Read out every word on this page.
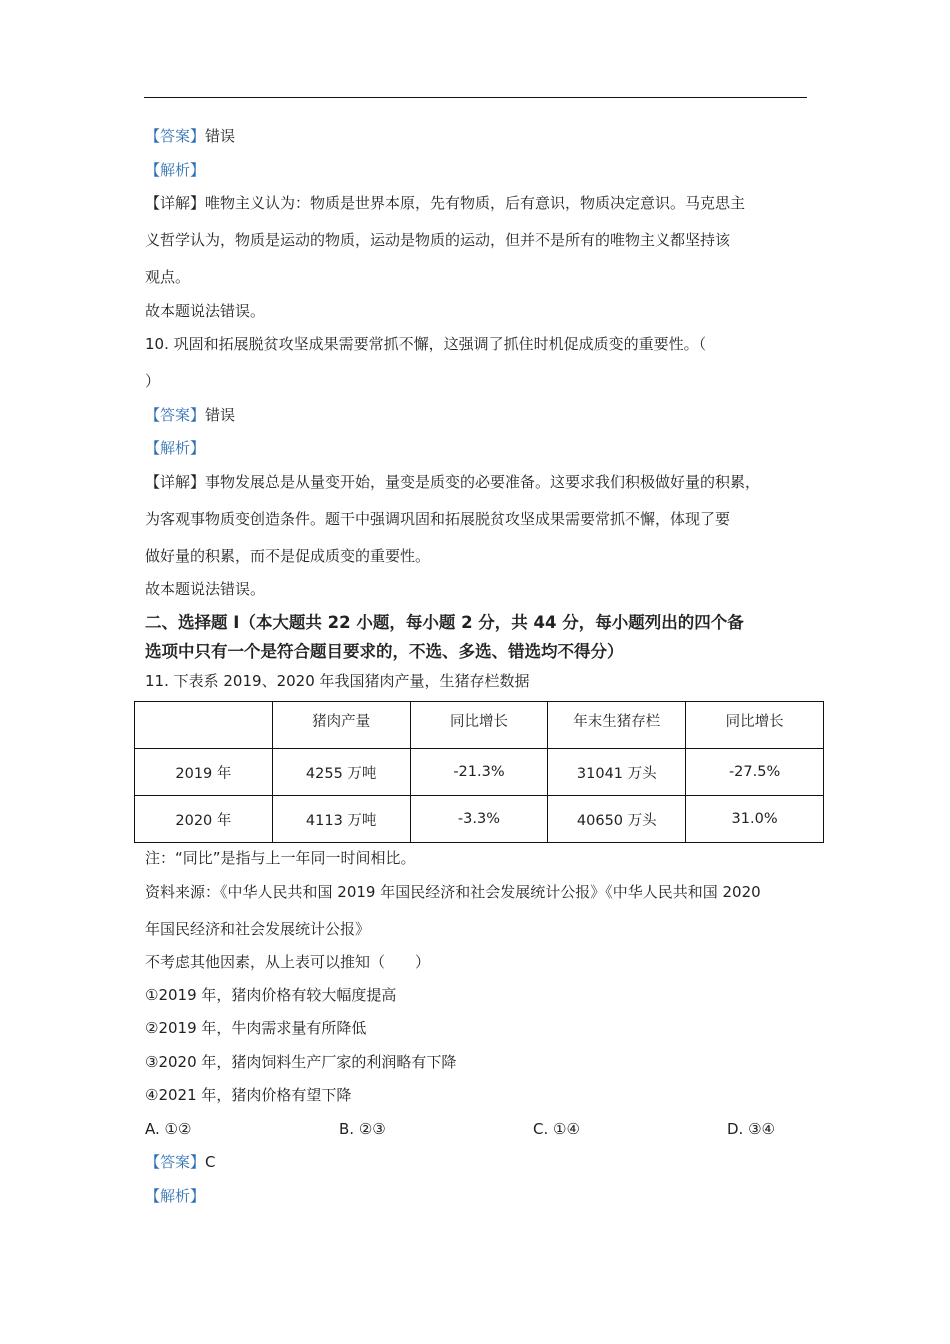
【答案】错误
【解析】
【详解】唯物主义认为：物质是世界本原，先有物质，后有意识，物质决定意识。马克思主
义哲学认为，物质是运动的物质，运动是物质的运动，但并不是所有的唯物主义都坚持该
观点。
故本题说法错误。
10. 巩固和拓展脱贫攻坚成果需要常抓不懈，这强调了抓住时机促成质变的重要性。（
）
【答案】错误
【解析】
【详解】事物发展总是从量变开始，量变是质变的必要准备。这要求我们积极做好量的积累，
为客观事物质变创造条件。题干中强调巩固和拓展脱贫攻坚成果需要常抓不懈，体现了要
做好量的积累，而不是促成质变的重要性。
故本题说法错误。
二、选择题 I（本大题共 22 小题，每小题 2 分，共 44 分，每小题列出的四个备
选项中只有一个是符合题目要求的，不选、多选、错选均不得分）
11. 下表系 2019、2020 年我国猪肉产量，生猪存栏数据
	猪肉产量	同比增长	年末生猪存栏	同比增长
2019 年	4255 万吨	-21.3%	31041 万头	-27.5%
2020 年	4113 万吨	-3.3%	40650 万头	31.0%
注：“同比”是指与上一年同一时间相比。
资料来源：《中华人民共和国 2019 年国民经济和社会发展统计公报》《中华人民共和国 2020
年国民经济和社会发展统计公报》
不考虑其他因素，从上表可以推知（　　）
①2019 年，猪肉价格有较大幅度提高
②2019 年，牛肉需求量有所降低
③2020 年，猪肉饲料生产厂家的利润略有下降
④2021 年，猪肉价格有望下降
A. ①②	B. ②③	C. ①④	D. ③④
【答案】C
【解析】
